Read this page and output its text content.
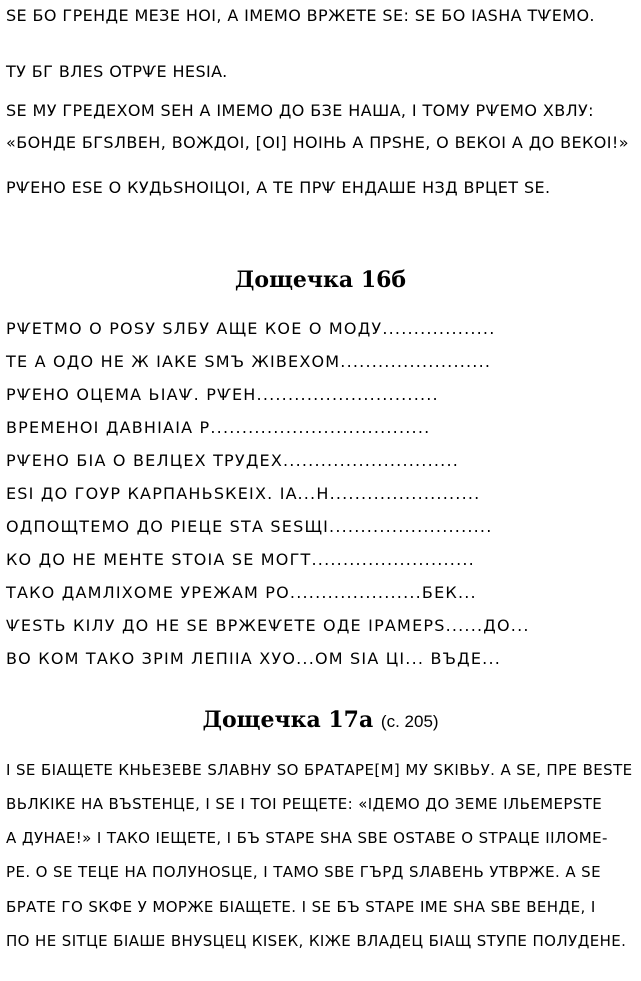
ЅЕ БО ГРЕНДЕ МЕЗЕ НOI, А IМЕМО ВРЖЕТЕ ЅЕ: ЅЕ БО IAЅНА ТѰЕМО.
ТУ БГ ВЛЕЅ ОТРѰЕ НЕЅIA.
ЅЕ МУ ГРЕДЕХОМ ЅЕН А IМЕМО ДО БЗЕ НАША, I ТОМУ РѰЕМО ХВЛУ:
«БОНДЕ БГЅЛВЕН, ВОЖДOI, [OI] НОIНЬ А ПРЅНЕ, О ВЕКОI А ДО ВЕКОI!»
РѰЕНО ЕЅЕ О КУДЬЅНОIЦOI, А ТЕ ПРѰ ЕНДАШЕ НЗД ВРЦЕТ ЅЕ.
Дощечка 16б
РѰЕТМО О РОЅУ ЅЛБУ АЩЕ КОЕ О МОДУ..................
ТЕ А ОДО НЕ Ж IAКЕ ЅМЪ ЖIВЕХОМ........................
РѰЕНО ОЦЕМА ЬIAѰ. РѰЕН.............................
ВРЕМЕНOI ДАВНIAIA Р...................................
РѰЕНО БIA О ВЕЛЦЕХ ТРУДЕХ............................
ЕЅI ДО ГОУР КАРПАНЬЅКЕIХ. IA...Н........................
ОДПОЩТЕМО ДО РIЕЦЕ ЅТА ЅЕЅЩI..........................
КО ДО НЕ МЕНТЕ ЅТОIA ЅЕ МОГТ..........................
ТАКО ДАМЛIХОМЕ УРЕЖАМ РО.....................БЕК...
ѰЕЅТЬ КIЛУ ДО НЕ ЅЕ ВРЖЕѰЕТЕ ОДЕ IРАМЕРЅ......ДО...
ВО КОМ ТАКО ЗРIМ ЛЕПIIA ХУО...ОМ ЅIA ЦI... ВЪДЕ...
Дощечка 17а (с. 205)
I ЅЕ БIAЩЕТЕ КНЬЕЗЕВЕ ЅЛАВНУ ЅО БРАТАРЕ[М] МУ ЅКIВЬУ. А ЅЕ, ПРЕ ВЕЅТЕ
ВЬЛКIКЕ НА ВЪЅТЕНЦЕ, I ЅЕ I ТOI РЕЩЕТЕ: «IДЕМО ДО ЗЕМЕ IЛЬЕМЕРЅТЕ
А ДУНАЕ!» I ТАКО IЕЩЕТЕ, I БЪ ЅТАРЕ ЅНА ЅВЕ ОЅТАВЕ О ЅТРАЦЕ IIЛОМЕ-
РЕ. О ЅЕ ТЕЦЕ НА ПОЛУНОЅЦЕ, I ТАМО ЅВЕ ГЪРД ЅЛАВЕНЬ УТВРЖЕ. А ЅЕ
БРАТЕ ГО ЅКФЕ У МОРЖЕ БIAЩЕТЕ. I ЅЕ БЪ ЅТАРЕ IМЕ ЅНА ЅВЕ ВЕНДЕ, I
ПО НЕ ЅIТЦЕ БIAШЕ ВНУЅЦЕЦ КIЅЕК, КIЖЕ ВЛАДЕЦ БIAЩ ЅТУПЕ ПОЛУДЕНЕ.
